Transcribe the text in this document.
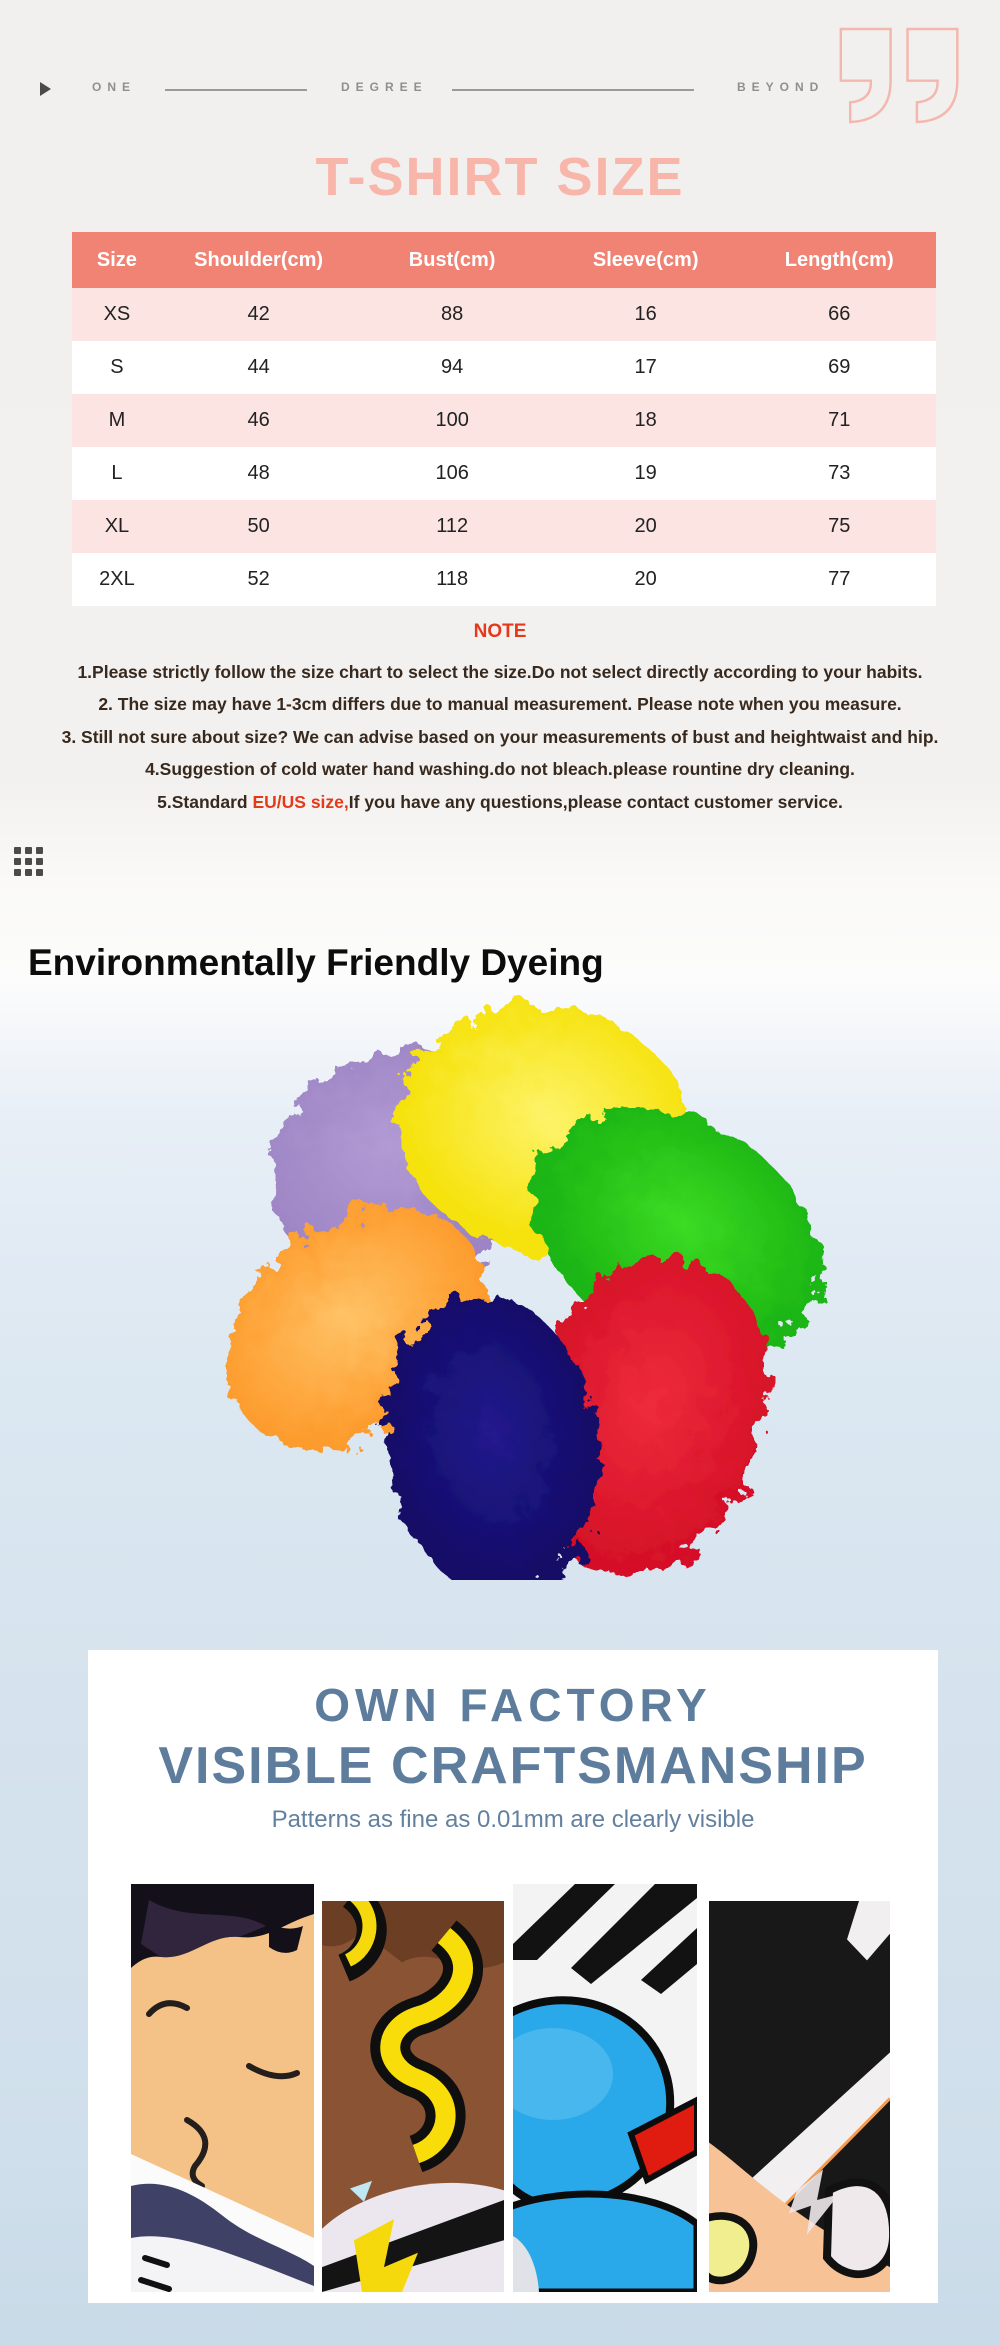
ONE	DEGREE	BEYOND
T-SHIRT SIZE
Size	Shoulder(cm)	Bust(cm)	Sleeve(cm)	Length(cm)
XS	42	88	16	66
S	44	94	17	69
M	46	100	18	71
L	48	106	19	73
XL	50	112	20	75
2XL	52	118	20	77
NOTE
1.Please strictly follow the size chart to select the size.Do not select directly according to your habits.
2. The size may have 1-3cm differs due to manual measurement. Please note when you measure.
3. Still not sure about size? We can advise based on your measurements of bust and heightwaist and hip.
4.Suggestion of cold water hand washing.do not bleach.please rountine dry cleaning.
5.Standard EU/US size,If you have any questions,please contact customer service.
Environmentally Friendly Dyeing
OWN FACTORY
VISIBLE CRAFTSMANSHIP
Patterns as fine as 0.01mm are clearly visible
